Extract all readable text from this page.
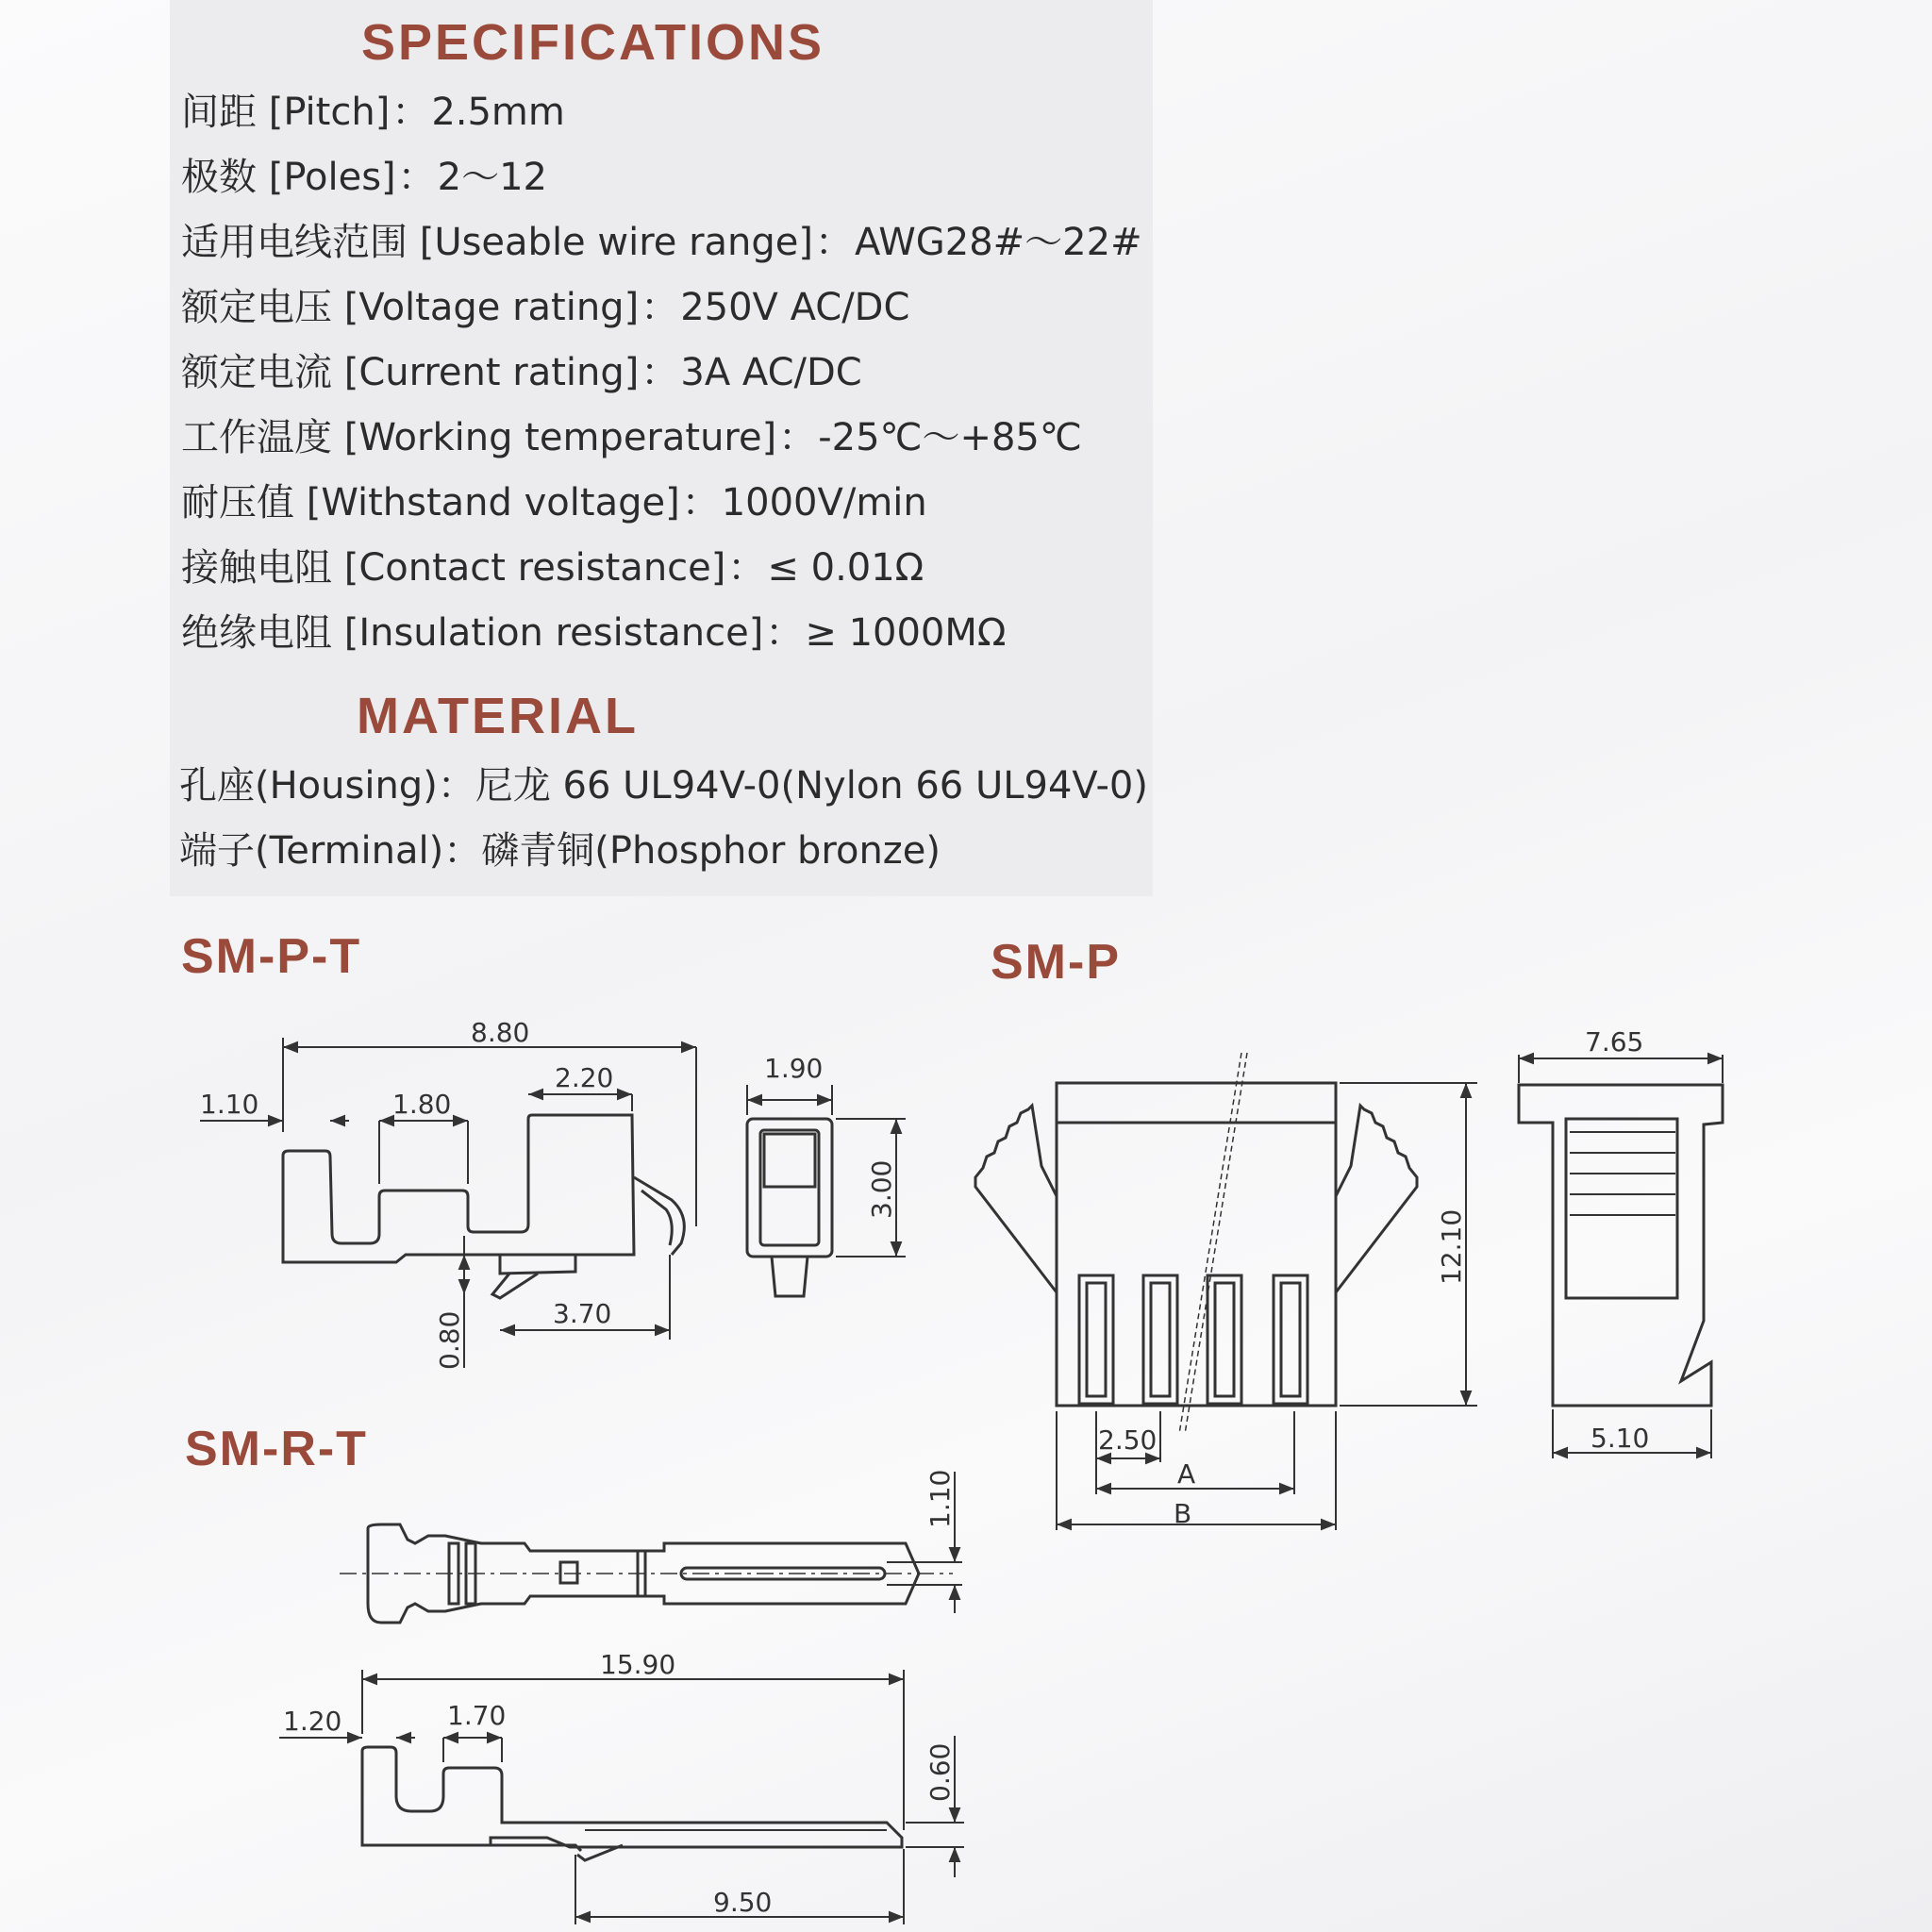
SPECIFICATIONS
间距 [Pitch]：2.5mm
极数 [Poles]：2～12
适用电线范围 [Useable wire range]：AWG28#～22#
额定电压 [Voltage rating]：250V AC/DC
额定电流 [Current rating]：3A AC/DC
工作温度 [Working temperature]：-25℃～+85℃
耐压值 [Withstand voltage]：1000V/min
接触电阻 [Contact resistance]：≤ 0.01Ω
绝缘电阻 [Insulation resistance]：≥ 1000MΩ
MATERIAL
孔座(Housing)：尼龙 66 UL94V-0(Nylon 66 UL94V-0)
端子(Terminal)：磷青铜(Phosphor bronze)
SM-P-T	SM-P
SM-R-T
8.80
1.10	1.80
2.20
3.70
0.80
1.90
3.00
2.50
A
B
12.10
7.65
5.10
1.10
15.90
1.20	1.70
0.60
9.50
